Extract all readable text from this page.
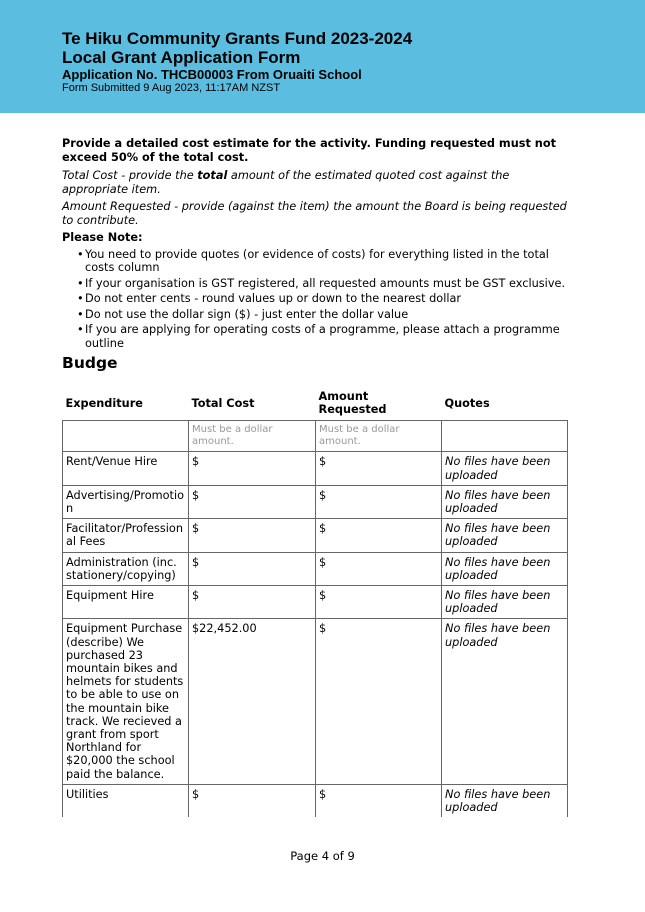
Te Hiku Community Grants Fund 2023-2024
Local Grant Application Form
Application No. THCB00003 From Oruaiti School
Form Submitted 9 Aug 2023, 11:17AM NZST
Provide a detailed cost estimate for the activity. Funding requested must not exceed 50% of the total cost.
Total Cost - provide the total amount of the estimated quoted cost against the appropriate item.
Amount Requested - provide (against the item) the amount the Board is being requested to contribute.
Please Note:
• You need to provide quotes (or evidence of costs) for everything listed in the total costs column
• If your organisation is GST registered, all requested amounts must be GST exclusive.
• Do not enter cents - round values up or down to the nearest dollar
• Do not use the dollar sign ($) - just enter the dollar value
• If you are applying for operating costs of a programme, please attach a programme outline
Budge
Expenditure	Total Cost	Amount Requested	Quotes
	Must be a dollar amount.	Must be a dollar amount.	
Rent/Venue Hire	$	$	No files have been uploaded
Advertising/Promotion	$	$	No files have been uploaded
Facilitator/Professional Fees	$	$	No files have been uploaded
Administration (inc. stationery/copying)	$	$	No files have been uploaded
Equipment Hire	$	$	No files have been uploaded
Equipment Purchase (describe) We purchased 23 mountain bikes and helmets for students to be able to use on the mountain bike track. We recieved a grant from sport Northland for $20,000 the school paid the balance.	$22,452.00	$	No files have been uploaded
Utilities	$	$	No files have been uploaded
Page 4 of 9
